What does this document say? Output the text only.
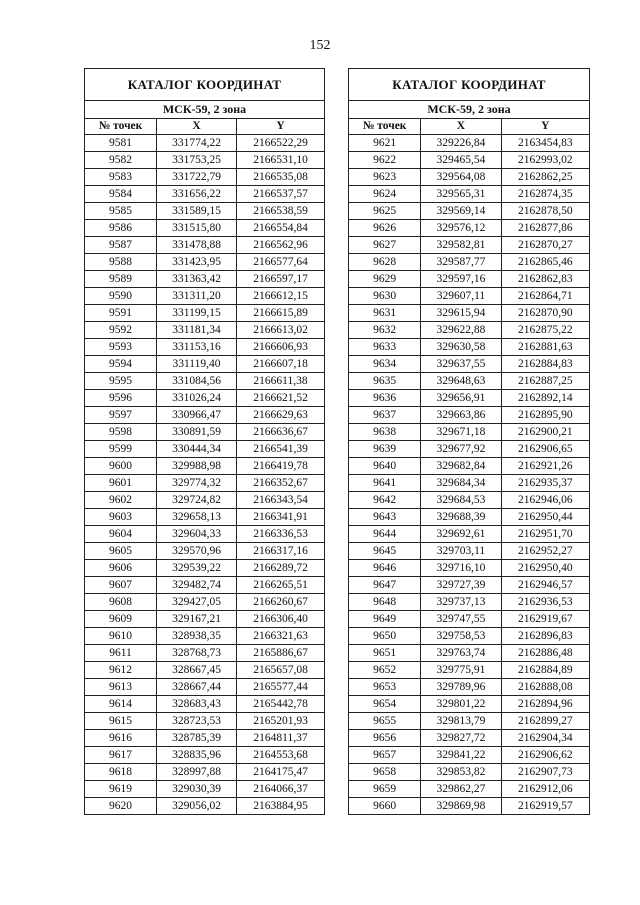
152
КАТАЛОГ КООРДИНАТ		
МСК-59, 2 зона		
№ точек	X	Y
9581	331774,22	2166522,29
9582	331753,25	2166531,10
9583	331722,79	2166535,08
9584	331656,22	2166537,57
9585	331589,15	2166538,59
9586	331515,80	2166554,84
9587	331478,88	2166562,96
9588	331423,95	2166577,64
9589	331363,42	2166597,17
9590	331311,20	2166612,15
9591	331199,15	2166615,89
9592	331181,34	2166613,02
9593	331153,16	2166606,93
9594	331119,40	2166607,18
9595	331084,56	2166611,38
9596	331026,24	2166621,52
9597	330966,47	2166629,63
9598	330891,59	2166636,67
9599	330444,34	2166541,39
9600	329988,98	2166419,78
9601	329774,32	2166352,67
9602	329724,82	2166343,54
9603	329658,13	2166341,91
9604	329604,33	2166336,53
9605	329570,96	2166317,16
9606	329539,22	2166289,72
9607	329482,74	2166265,51
9608	329427,05	2166260,67
9609	329167,21	2166306,40
9610	328938,35	2166321,63
9611	328768,73	2165886,67
9612	328667,45	2165657,08
9613	328667,44	2165577,44
9614	328683,43	2165442,78
9615	328723,53	2165201,93
9616	328785,39	2164811,37
9617	328835,96	2164553,68
9618	328997,88	2164175,47
9619	329030,39	2164066,37
9620	329056,02	2163884,95
КАТАЛОГ КООРДИНАТ		
МСК-59, 2 зона		
№ точек	X	Y
9621	329226,84	2163454,83
9622	329465,54	2162993,02
9623	329564,08	2162862,25
9624	329565,31	2162874,35
9625	329569,14	2162878,50
9626	329576,12	2162877,86
9627	329582,81	2162870,27
9628	329587,77	2162865,46
9629	329597,16	2162862,83
9630	329607,11	2162864,71
9631	329615,94	2162870,90
9632	329622,88	2162875,22
9633	329630,58	2162881,63
9634	329637,55	2162884,83
9635	329648,63	2162887,25
9636	329656,91	2162892,14
9637	329663,86	2162895,90
9638	329671,18	2162900,21
9639	329677,92	2162906,65
9640	329682,84	2162921,26
9641	329684,34	2162935,37
9642	329684,53	2162946,06
9643	329688,39	2162950,44
9644	329692,61	2162951,70
9645	329703,11	2162952,27
9646	329716,10	2162950,40
9647	329727,39	2162946,57
9648	329737,13	2162936,53
9649	329747,55	2162919,67
9650	329758,53	2162896,83
9651	329763,74	2162886,48
9652	329775,91	2162884,89
9653	329789,96	2162888,08
9654	329801,22	2162894,96
9655	329813,79	2162899,27
9656	329827,72	2162904,34
9657	329841,22	2162906,62
9658	329853,82	2162907,73
9659	329862,27	2162912,06
9660	329869,98	2162919,57
